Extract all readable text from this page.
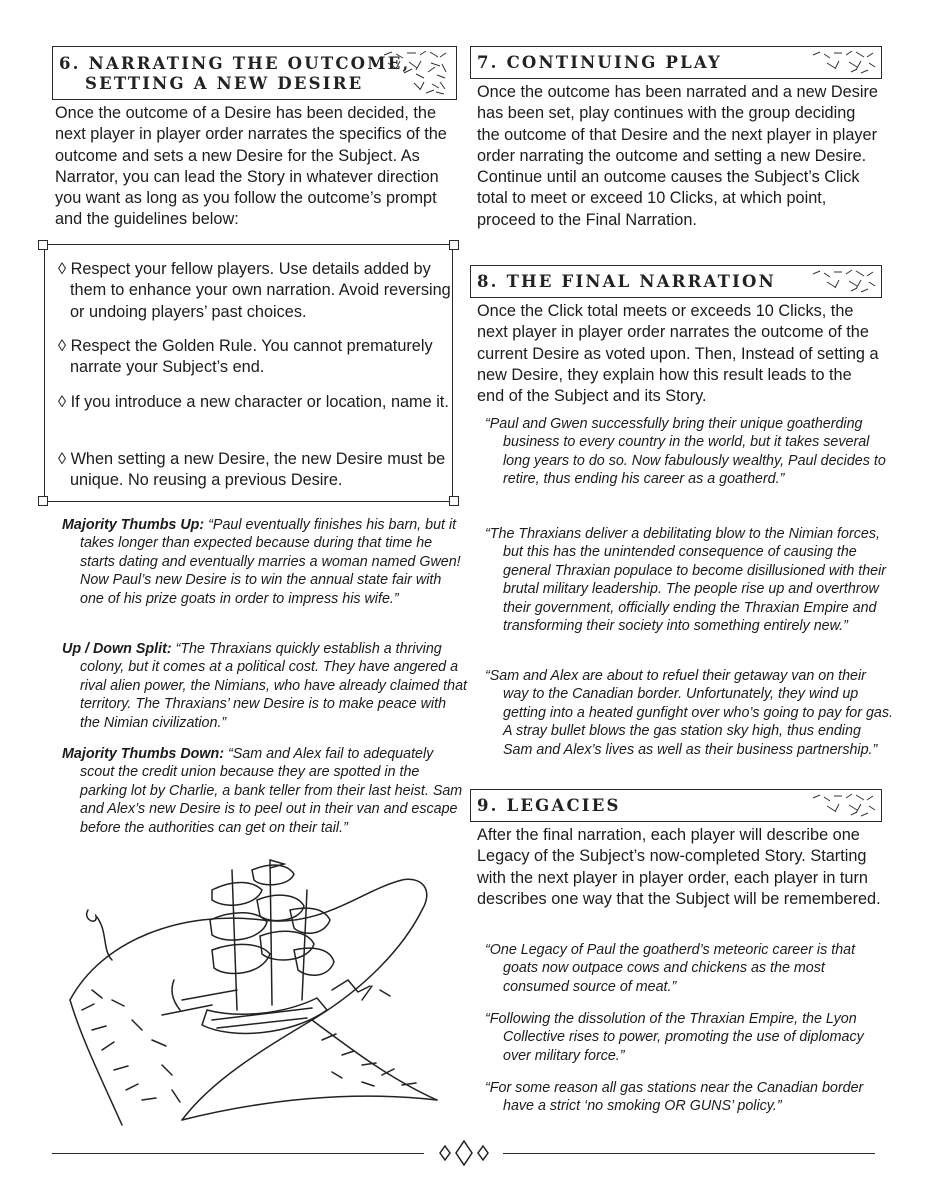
6. NARRATING THE OUTCOME,
SETTING A NEW DESIRE

Once the outcome of a Desire has been decided, the next player in player order narrates the specifics of the outcome and sets a new Desire for the Subject. As Narrator, you can lead the Story in whatever direction you want as long as you follow the outcome’s prompt and the guidelines below:

◊ Respect your fellow players. Use details added by them to enhance your own narration. Avoid reversing or undoing players’ past choices.

◊ Respect the Golden Rule. You cannot prematurely narrate your Subject’s end.

◊ If you introduce a new character or location, name it.

◊ When setting a new Desire, the new Desire must be unique. No reusing a previous Desire.

Majority Thumbs Up: “Paul eventually finishes his barn, but it takes longer than expected because during that time he starts dating and eventually marries a woman named Gwen! Now Paul’s new Desire is to win the annual state fair with one of his prize goats in order to impress his wife.”

Up / Down Split: “The Thraxians quickly establish a thriving colony, but it comes at a political cost. They have angered a rival alien power, the Nimians, who have already claimed that territory. The Thraxians’ new Desire is to make peace with the Nimian civilization.”

Majority Thumbs Down: “Sam and Alex fail to adequately scout the credit union because they are spotted in the parking lot by Charlie, a bank teller from their last heist. Sam and Alex’s new Desire is to peel out in their van and escape before the authorities can get on their tail.”

7. CONTINUING PLAY

Once the outcome has been narrated and a new Desire has been set, play continues with the group deciding the outcome of that Desire and the next player in player order narrating the outcome and setting a new Desire. Continue until an outcome causes the Subject’s Click total to meet or exceed 10 Clicks, at which point, proceed to the Final Narration.

8. THE FINAL NARRATION

Once the Click total meets or exceeds 10 Clicks, the next player in player order narrates the outcome of the current Desire as voted upon. Then, Instead of setting a new Desire, they explain how this result leads to the end of the Subject and its Story.

“Paul and Gwen successfully bring their unique goatherding business to every country in the world, but it takes several long years to do so. Now fabulously wealthy, Paul decides to retire, thus ending his career as a goatherd.”

“The Thraxians deliver a debilitating blow to the Nimian forces, but this has the unintended consequence of causing the general Thraxian populace to become disillusioned with their brutal military leadership. The people rise up and overthrow their government, officially ending the Thraxian Empire and transforming their society into something entirely new.”

“Sam and Alex are about to refuel their getaway van on their way to the Canadian border. Unfortunately, they wind up getting into a heated gunfight over who’s going to pay for gas. A stray bullet blows the gas station sky high, thus ending Sam and Alex’s lives as well as their business partnership.”

9. LEGACIES

After the final narration, each player will describe one Legacy of the Subject’s now-completed Story. Starting with the next player in player order, each player in turn describes one way that the Subject will be remembered.

“One Legacy of Paul the goatherd’s meteoric career is that goats now outpace cows and chickens as the most consumed source of meat.”

“Following the dissolution of the Thraxian Empire, the Lyon Collective rises to power, promoting the use of diplomacy over military force.”

“For some reason all gas stations near the Canadian border have a strict ‘no smoking OR GUNS’ policy.”
